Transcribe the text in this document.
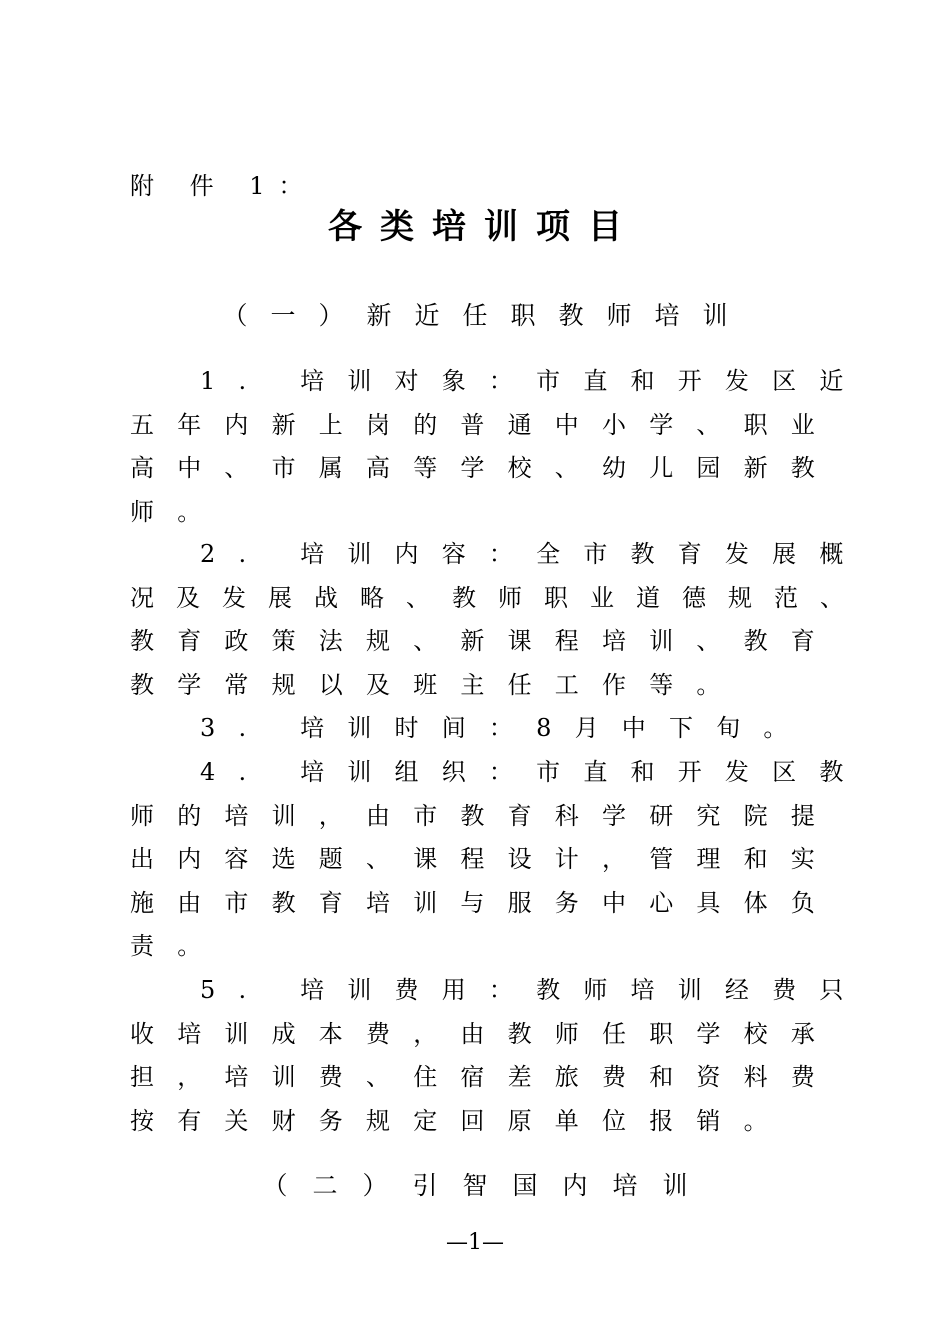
附 件 1：
各类培训项目
（一）新近任职教师培训
1. 培训对象：市直和开发区近
五年内新上岗的普通中小学、职业
高中、市属高等学校、幼儿园新教
师。
2. 培训内容：全市教育发展概
况及发展战略、教师职业道德规范、
教育政策法规、新课程培训、教育
教学常规以及班主任工作等。
3. 培训时间：8月中下旬。
4. 培训组织：市直和开发区教
师的培训，由市教育科学研究院提
出内容选题、课程设计，管理和实
施由市教育培训与服务中心具体负
责。
5. 培训费用：教师培训经费只
收培训成本费，由教师任职学校承
担，培训费、住宿差旅费和资料费
按有关财务规定回原单位报销。
（二）引智国内培训
—1—
